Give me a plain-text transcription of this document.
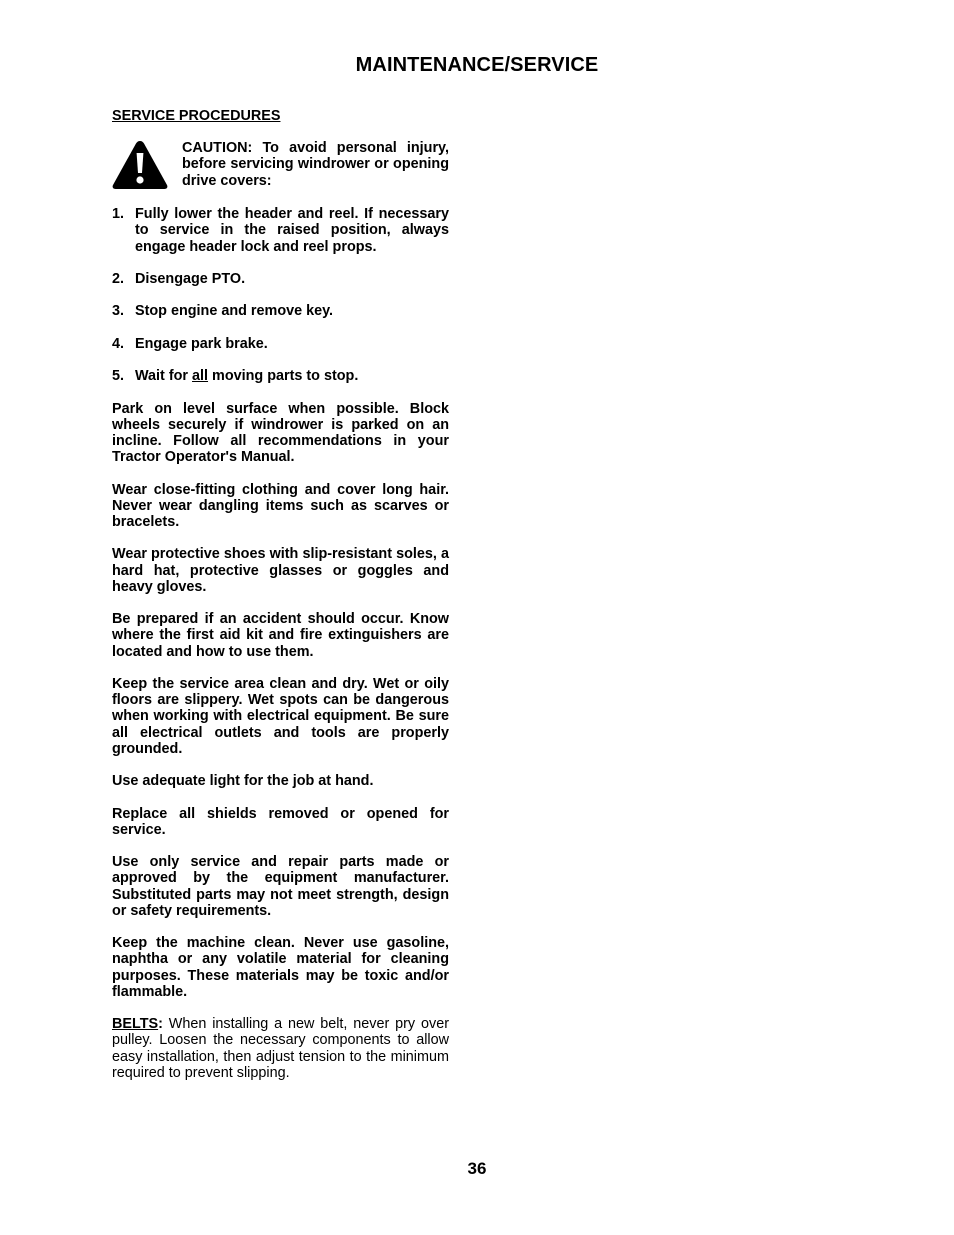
MAINTENANCE/SERVICE
SERVICE PROCEDURES
CAUTION: To avoid personal injury, before servicing windrower or opening drive covers:
1. Fully lower the header and reel. If necessary to service in the raised position, always engage header lock and reel props.
2. Disengage PTO.
3. Stop engine and remove key.
4. Engage park brake.
5. Wait for all moving parts to stop.

Park on level surface when possible. Block wheels securely if windrower is parked on an incline. Follow all recommendations in your Tractor Operator's Manual.

Wear close-fitting clothing and cover long hair. Never wear dangling items such as scarves or bracelets.

Wear protective shoes with slip-resistant soles, a hard hat, protective glasses or goggles and heavy gloves.

Be prepared if an accident should occur. Know where the first aid kit and fire extinguishers are located and how to use them.

Keep the service area clean and dry. Wet or oily floors are slippery. Wet spots can be dangerous when working with electrical equipment. Be sure all electrical outlets and tools are properly grounded.

Use adequate light for the job at hand.

Replace all shields removed or opened for service.

Use only service and repair parts made or approved by the equipment manufacturer. Substituted parts may not meet strength, design or safety requirements.

Keep the machine clean. Never use gasoline, naphtha or any volatile material for cleaning purposes. These materials may be toxic and/or flammable.

BELTS: When installing a new belt, never pry over pulley. Loosen the necessary components to allow easy installation, then adjust tension to the minimum required to prevent slipping.

36
